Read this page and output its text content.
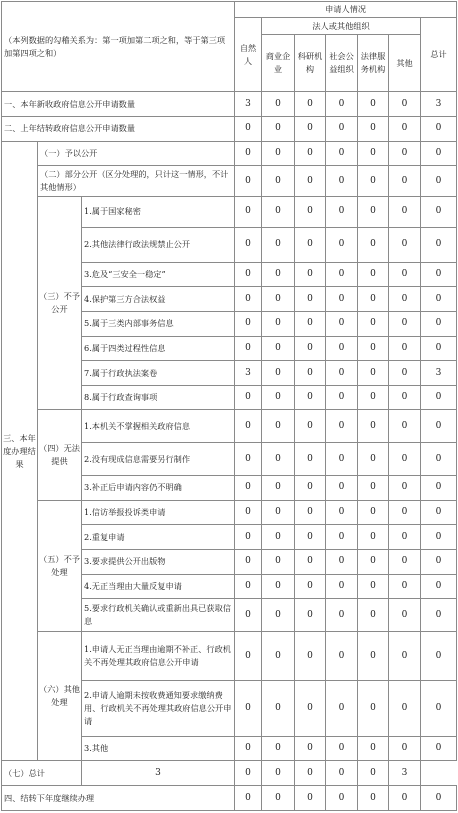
（本列数据的勾稽关系为：第一项加第二项之和，等于第三项加第四项之和）			申请人情况						
			自然人	法人或其他组织					总计
				商业企业	科研机构	社会公益组织	法律服务机构	其他	
一、本年新收政府信息公开申请数量			3	0	0	0	0	0	3
二、上年结转政府信息公开申请数量			0	0	0	0	0	0	0
三、本年度办理结果	（一）予以公开		0	0	0	0	0	0	0
	（二）部分公开（区分处理的，只计这一情形，不计其他情形）		0	0	0	0	0	0	0
	（三）不予公开	1.属于国家秘密	0	0	0	0	0	0	0
		2.其他法律行政法规禁止公开	0	0	0	0	0	0	0
		3.危及“三安全一稳定”	0	0	0	0	0	0	0
		4.保护第三方合法权益	0	0	0	0	0	0	0
		5.属于三类内部事务信息	0	0	0	0	0	0	0
		6.属于四类过程性信息	0	0	0	0	0	0	0
		7.属于行政执法案卷	3	0	0	0	0	0	3
		8.属于行政查询事项	0	0	0	0	0	0	0
	（四）无法提供	1.本机关不掌握相关政府信息	0	0	0	0	0	0	0
		2.没有现成信息需要另行制作	0	0	0	0	0	0	0
		3.补正后申请内容仍不明确	0	0	0	0	0	0	0
	（五）不予处理	1.信访举报投诉类申请	0	0	0	0	0	0	0
		2.重复申请	0	0	0	0	0	0	0
		3.要求提供公开出版物	0	0	0	0	0	0	0
		4.无正当理由大量反复申请	0	0	0	0	0	0	0
		5.要求行政机关确认或重新出具已获取信息	0	0	0	0	0	0	0
	（六）其他处理	1.申请人无正当理由逾期不补正、行政机关不再处理其政府信息公开申请	0	0	0	0	0	0	0
		2.申请人逾期未按收费通知要求缴纳费用、行政机关不再处理其政府信息公开申请	0	0	0	0	0	0	0
		3.其他	0	0	0	0	0	0	0
（七）总计		3	0	0	0	0	0	3	
四、结转下年度继续办理			0	0	0	0	0	0	0
